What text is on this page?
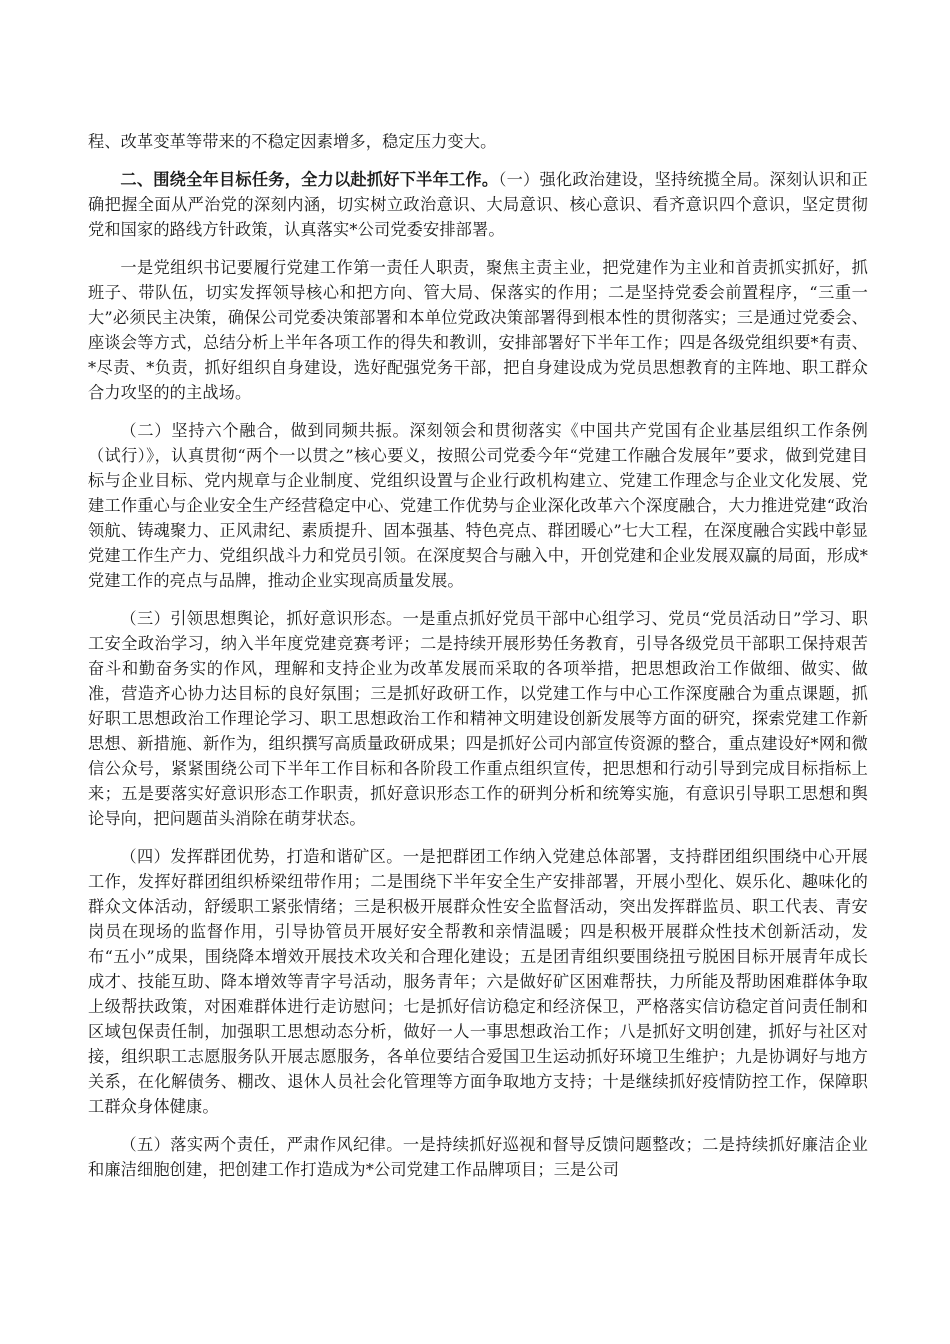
程、改革变革等带来的不稳定因素增多，稳定压力变大。

二、围绕全年目标任务，全力以赴抓好下半年工作。（一）强化政治建设，坚持统揽全局。深刻认识和正确把握全面从严治党的深刻内涵，切实树立政治意识、大局意识、核心意识、看齐意识四个意识，坚定贯彻党和国家的路线方针政策，认真落实*公司党委安排部署。

一是党组织书记要履行党建工作第一责任人职责，聚焦主责主业，把党建作为主业和首责抓实抓好，抓班子、带队伍，切实发挥领导核心和把方向、管大局、保落实的作用；二是坚持党委会前置程序，“三重一大”必须民主决策，确保公司党委决策部署和本单位党政决策部署得到根本性的贯彻落实；三是通过党委会、座谈会等方式，总结分析上半年各项工作的得失和教训，安排部署好下半年工作；四是各级党组织要*有责、*尽责、*负责，抓好组织自身建设，选好配强党务干部，把自身建设成为党员思想教育的主阵地、职工群众合力攻坚的的主战场。

（二）坚持六个融合，做到同频共振。深刻领会和贯彻落实《中国共产党国有企业基层组织工作条例（试行）》，认真贯彻“两个一以贯之”核心要义，按照公司党委今年“党建工作融合发展年”要求，做到党建目标与企业目标、党内规章与企业制度、党组织设置与企业行政机构建立、党建工作理念与企业文化发展、党建工作重心与企业安全生产经营稳定中心、党建工作优势与企业深化改革六个深度融合，大力推进党建“政治领航、铸魂聚力、正风肃纪、素质提升、固本强基、特色亮点、群团暖心”七大工程，在深度融合实践中彰显党建工作生产力、党组织战斗力和党员引领。在深度契合与融入中，开创党建和企业发展双赢的局面，形成*党建工作的亮点与品牌，推动企业实现高质量发展。

（三）引领思想舆论，抓好意识形态。一是重点抓好党员干部中心组学习、党员“党员活动日”学习、职工安全政治学习，纳入半年度党建竞赛考评；二是持续开展形势任务教育，引导各级党员干部职工保持艰苦奋斗和勤奋务实的作风，理解和支持企业为改革发展而采取的各项举措，把思想政治工作做细、做实、做准，营造齐心协力达目标的良好氛围；三是抓好政研工作，以党建工作与中心工作深度融合为重点课题，抓好职工思想政治工作理论学习、职工思想政治工作和精神文明建设创新发展等方面的研究，探索党建工作新思想、新措施、新作为，组织撰写高质量政研成果；四是抓好公司内部宣传资源的整合，重点建设好*网和微信公众号，紧紧围绕公司下半年工作目标和各阶段工作重点组织宣传，把思想和行动引导到完成目标指标上来；五是要落实好意识形态工作职责，抓好意识形态工作的研判分析和统筹实施，有意识引导职工思想和舆论导向，把问题苗头消除在萌芽状态。

（四）发挥群团优势，打造和谐矿区。一是把群团工作纳入党建总体部署，支持群团组织围绕中心开展工作，发挥好群团组织桥梁纽带作用；二是围绕下半年安全生产安排部署，开展小型化、娱乐化、趣味化的群众文体活动，舒缓职工紧张情绪；三是积极开展群众性安全监督活动，突出发挥群监员、职工代表、青安岗员在现场的监督作用，引导协管员开展好安全帮教和亲情温暖；四是积极开展群众性技术创新活动，发布“五小”成果，围绕降本增效开展技术攻关和合理化建设；五是团青组织要围绕扭亏脱困目标开展青年成长成才、技能互助、降本增效等青字号活动，服务青年；六是做好矿区困难帮扶，力所能及帮助困难群体争取上级帮扶政策，对困难群体进行走访慰问；七是抓好信访稳定和经济保卫，严格落实信访稳定首问责任制和区域包保责任制，加强职工思想动态分析，做好一人一事思想政治工作；八是抓好文明创建，抓好与社区对接，组织职工志愿服务队开展志愿服务，各单位要结合爱国卫生运动抓好环境卫生维护；九是协调好与地方关系，在化解债务、棚改、退休人员社会化管理等方面争取地方支持；十是继续抓好疫情防控工作，保障职工群众身体健康。

（五）落实两个责任，严肃作风纪律。一是持续抓好巡视和督导反馈问题整改；二是持续抓好廉洁企业和廉洁细胞创建，把创建工作打造成为*公司党建工作品牌项目；三是公司
